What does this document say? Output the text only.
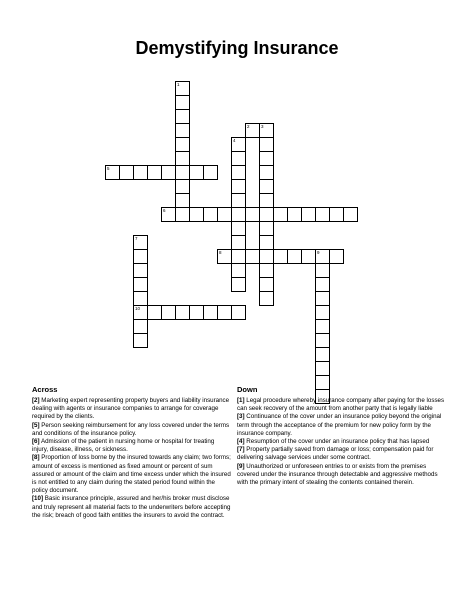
Demystifying Insurance
1
2	3
4
5
6
7
10
8	9
Across
[2] Marketing expert representing property buyers and liability insurance dealing with agents or insurance companies to arrange for coverage required by the clients.
[5] Person seeking reimbursement for any loss covered under the terms and conditions of the insurance policy.
[6] Admission of the patient in nursing home or hospital for treating injury, disease, illness, or sickness.
[8] Proportion of loss borne by the insured towards any claim; two forms; amount of excess is mentioned as fixed amount or percent of sum assured or amount of the claim and time excess under which the insured is not entitled to any claim during the stated period found within the policy document.
[10] Basic insurance principle, assured and her/his broker must disclose and truly represent all material facts to the underwriters before accepting the risk; breach of good faith entitles the insurers to avoid the contract.
Down
[1] Legal procedure whereby insurance company after paying for the losses can seek recovery of the amount from another party that is legally liable
[3] Continuance of the cover under an insurance policy beyond the original term through the acceptance of the premium for new policy form by the insurance company.
[4] Resumption of the cover under an insurance policy that has lapsed
[7] Property partially saved from damage or loss; compensation paid for delivering salvage services under some contract.
[9] Unauthorized or unforeseen entries to or exists from the premises covered under the insurance through detectable and aggressive methods with the primary intent of stealing the contents contained therein.
